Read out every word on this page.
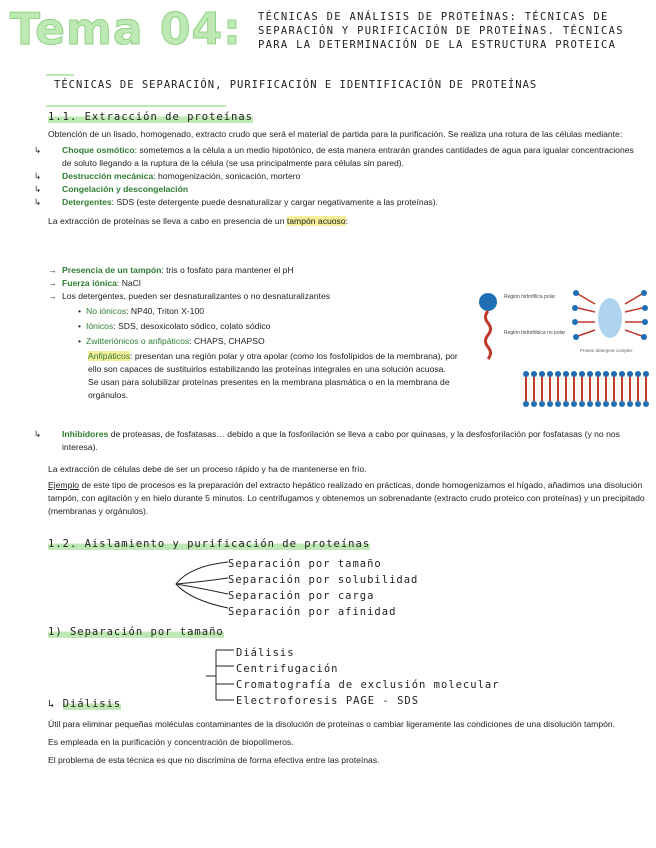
Tema 04: TÉCNICAS DE ANÁLISIS DE PROTEÍNAS: TÉCNICAS DE SEPARACIÓN Y PURIFICACIÓN DE PROTEÍNAS. TÉCNICAS PARA LA DETERMINACIÓN DE LA ESTRUCTURA PROTEICA
TÉCNICAS DE SEPARACIÓN, PURIFICACIÓN E IDENTIFICACIÓN DE PROTEÍNAS
1.1. Extracción de proteínas

Obtención de un lisado, homogenado, extracto crudo que será el material de partida para la purificación. Se realiza una rotura de las células mediante:

↳ Choque osmótico: sometemos a la célula a un medio hipotónico, de esta manera entrarán grandes cantidades de agua para igualar concentraciones de soluto llegando a la ruptura de la célula (se usa principalmente para células sin pared).

↳ Destrucción mecánica: homogenización, sonicación, mortero

↳ Congelación y descongelación

↳ Detergentes: SDS (este detergente puede desnaturalizar y cargar negativamente a las proteínas).

La extracción de proteínas se lleva a cabo en presencia de un tampón acuoso:

→ Presencia de un tampón: tris o fosfato para mantener el pH

→ Fuerza iónica: NaCl

→ Los detergentes, pueden ser desnaturalizantes o no desnaturalizantes

• No iónicos: NP40, Triton X-100

• Iónicos: SDS, desoxicolato sódico, colato sódico

• Zwitteriónicos o anfipáticos: CHAPS, CHAPSO

Anfipáticos: presentan una región polar y otra apolar (como los fosfolípidos de la membrana), por ello son capaces de sustituirlos estabilizando las proteínas integrales en una solución acuosa. Se usan para solubilizar proteínas presentes en la membrana plasmática o en la membrana de orgánulos.

Región hidrofílica polar
Región hidrofóbica no polar
Protein detergent complex

↳ Inhibidores de proteasas, de fosfatasas… debido a que la fosforilación se lleva a cabo por quinasas, y la desfosforilación por fosfatasas (y no nos interesa).

La extracción de células debe de ser un proceso rápido y ha de mantenerse en frío.

Ejemplo de este tipo de procesos es la preparación del extracto hepático realizado en prácticas, donde homogenizamos el hígado, añadimos una disolución tampón, con agitación y en hielo durante 5 minutos. Lo centrifugamos y obtenemos un sobrenadante (extracto crudo proteico con proteínas) y un precipitado (membranas y orgánulos).

1.2. Aislamiento y purificación de proteínas
Separación por tamaño
Separación por solubilidad
Separación por carga
Separación por afinidad
1) Separación por tamaño
Diálisis
Centrifugación
Cromatografía de exclusión molecular
Electroforesis PAGE - SDS
↳ Diálisis

Útil para eliminar pequeñas moléculas contaminantes de la disolución de proteínas o cambiar ligeramente las condiciones de una disolución tampón.

Es empleada en la purificación y concentración de biopolímeros.

El problema de esta técnica es que no discrimina de forma efectiva entre las proteínas.
